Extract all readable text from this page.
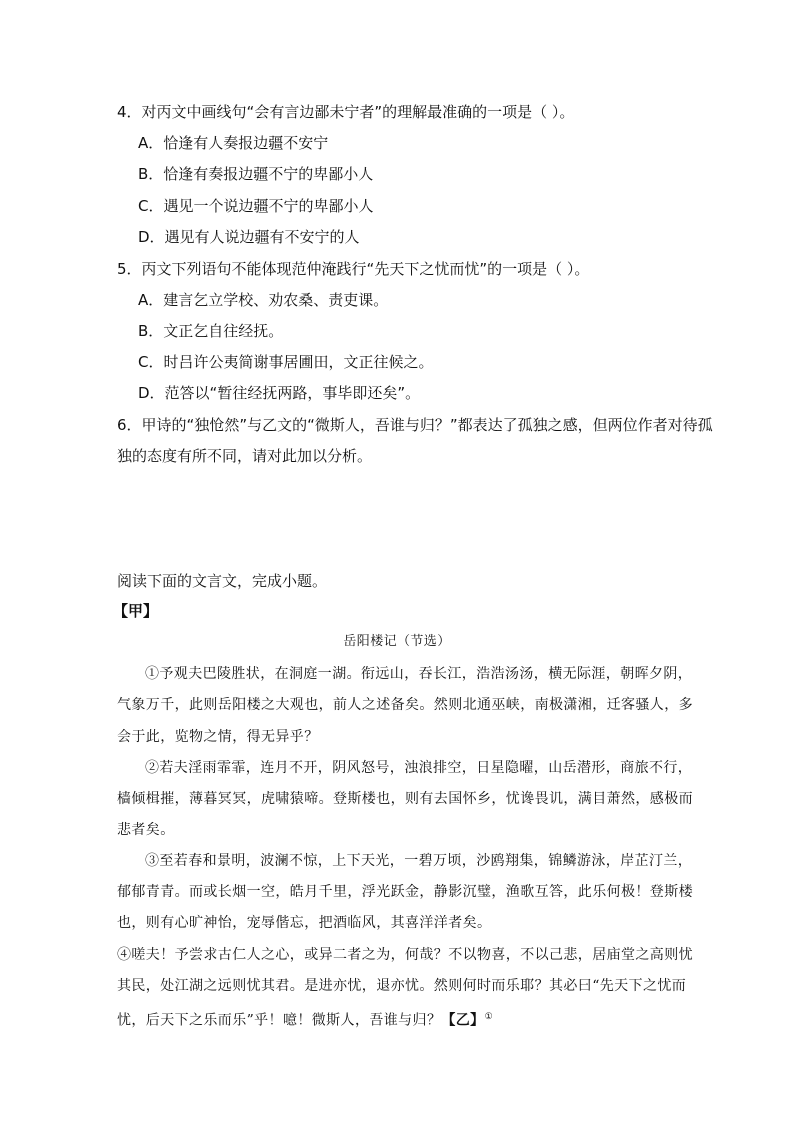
4．对丙文中画线句“会有言边鄙未宁者”的理解最准确的一项是（ ）。
A．恰逢有人奏报边疆不安宁
B．恰逢有奏报边疆不宁的卑鄙小人
C．遇见一个说边疆不宁的卑鄙小人
D．遇见有人说边疆有不安宁的人
5．丙文下列语句不能体现范仲淹践行“先天下之忧而忧”的一项是（ ）。
A．建言乞立学校、劝农桑、责吏课。
B．文正乞自往经抚。
C．时吕许公夷简谢事居圃田，文正往候之。
D．范答以“暂往经抚两路，事毕即还矣”。
6．甲诗的“独怆然”与乙文的“微斯人，吾谁与归？”都表达了孤独之感，但两位作者对待孤
独的态度有所不同，请对此加以分析。
阅读下面的文言文，完成小题。
【甲】
岳阳楼记（节选）
①予观夫巴陵胜状，在洞庭一湖。衔远山，吞长江，浩浩汤汤，横无际涯，朝晖夕阴，
气象万千，此则岳阳楼之大观也，前人之述备矣。然则北通巫峡，南极潇湘，迁客骚人，多
会于此，览物之情，得无异乎？
②若夫淫雨霏霏，连月不开，阴风怒号，浊浪排空，日星隐曜，山岳潜形，商旅不行，
樯倾楫摧，薄暮冥冥，虎啸猿啼。登斯楼也，则有去国怀乡，忧谗畏讥，满目萧然，感极而
悲者矣。
③至若春和景明，波澜不惊，上下天光，一碧万顷，沙鸥翔集，锦鳞游泳，岸芷汀兰，
郁郁青青。而或长烟一空，皓月千里，浮光跃金，静影沉璧，渔歌互答，此乐何极！登斯楼
也，则有心旷神怡，宠辱偕忘，把酒临风，其喜洋洋者矣。
④嗟夫！予尝求古仁人之心，或异二者之为，何哉？不以物喜，不以己悲，居庙堂之高则忧
其民，处江湖之远则忧其君。是进亦忧，退亦忧。然则何时而乐耶？其必曰“先天下之忧而
忧，后天下之乐而乐”乎！噫！微斯人，吾谁与归？【乙】①
